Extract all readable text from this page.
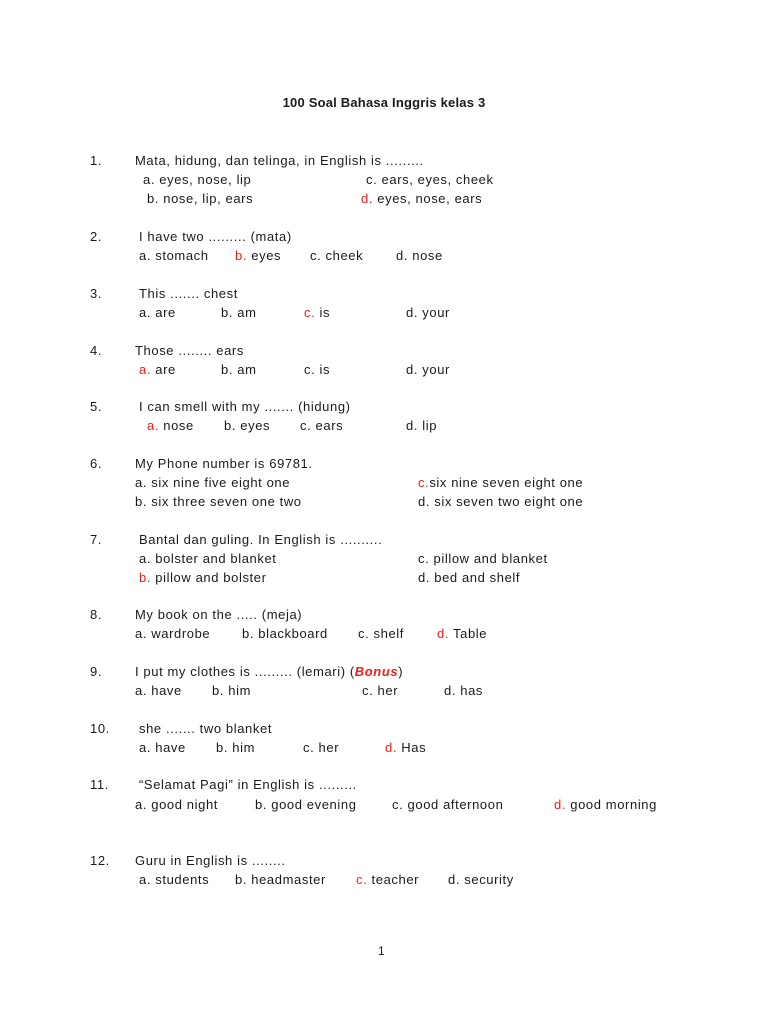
100 Soal Bahasa Inggris kelas 3
1.	Mata, hidung, dan telinga, in English is .........
a. eyes, nose, lip	c. ears, eyes, cheek
b. nose, lip, ears	d. eyes, nose, ears
2.	I have two ......... (mata)
a. stomach b. eyes c. cheek	d. nose
3.	This ....... chest
a. are	b. am	c. is	d. your
4.	Those ........ ears
a. are	b. am	c. is	d. your
5.	I can smell with my ....... (hidung)
a. nose b. eyes c. ears	d. lip
6.	My Phone number is 69781.
a. six nine five eight one	c.six nine seven eight one
b. six three seven one two	d. six seven two eight one
7.	Bantal dan guling. In English is ..........
a. bolster and blanket	c. pillow and blanket
b. pillow and bolster	d. bed and shelf
8.	My book on the ..... (meja)
a. wardrobe b. blackboard c. shelf	d. Table
9.	I put my clothes is ......... (lemari) (Bonus)
a. have b. him	c. her	d. has
10. she ....... two blanket
a. have b. him	c. her	d. Has
11. “Selamat Pagi” in English is .........
a. good night	b. good evening	c. good afternoon	d. good morning
12. Guru in English is ........
a. students b. headmaster c. teacher d. security
1
